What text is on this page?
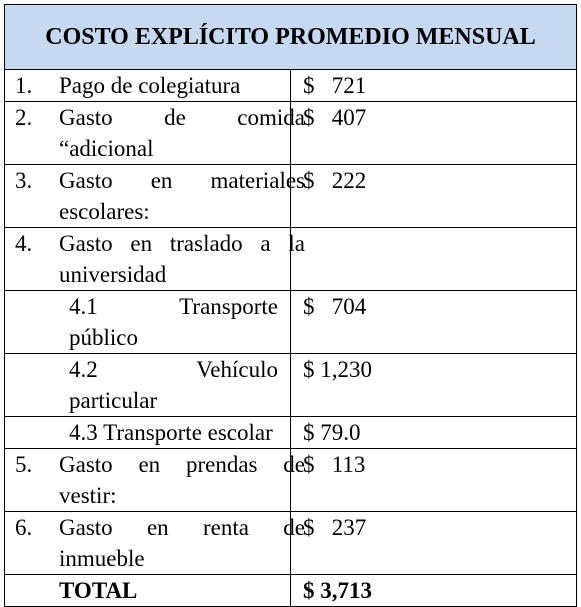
COSTO EXPLÍCITO PROMEDIO MENSUAL	

1. Pago de colegiatura	$   721

2. Gasto de comida
“adicional	$   407

3. Gasto en materiales
escolares:	$   222

4. Gasto en traslado a la
universidad	

4.1 Transporte
público	$   704

4.2 Vehículo
particular	$ 1,230

4.3 Transporte escolar	$ 79.0

5. Gasto en prendas de
vestir:	$   113

6. Gasto en renta de
inmueble	$   237

TOTAL	$ 3,713
